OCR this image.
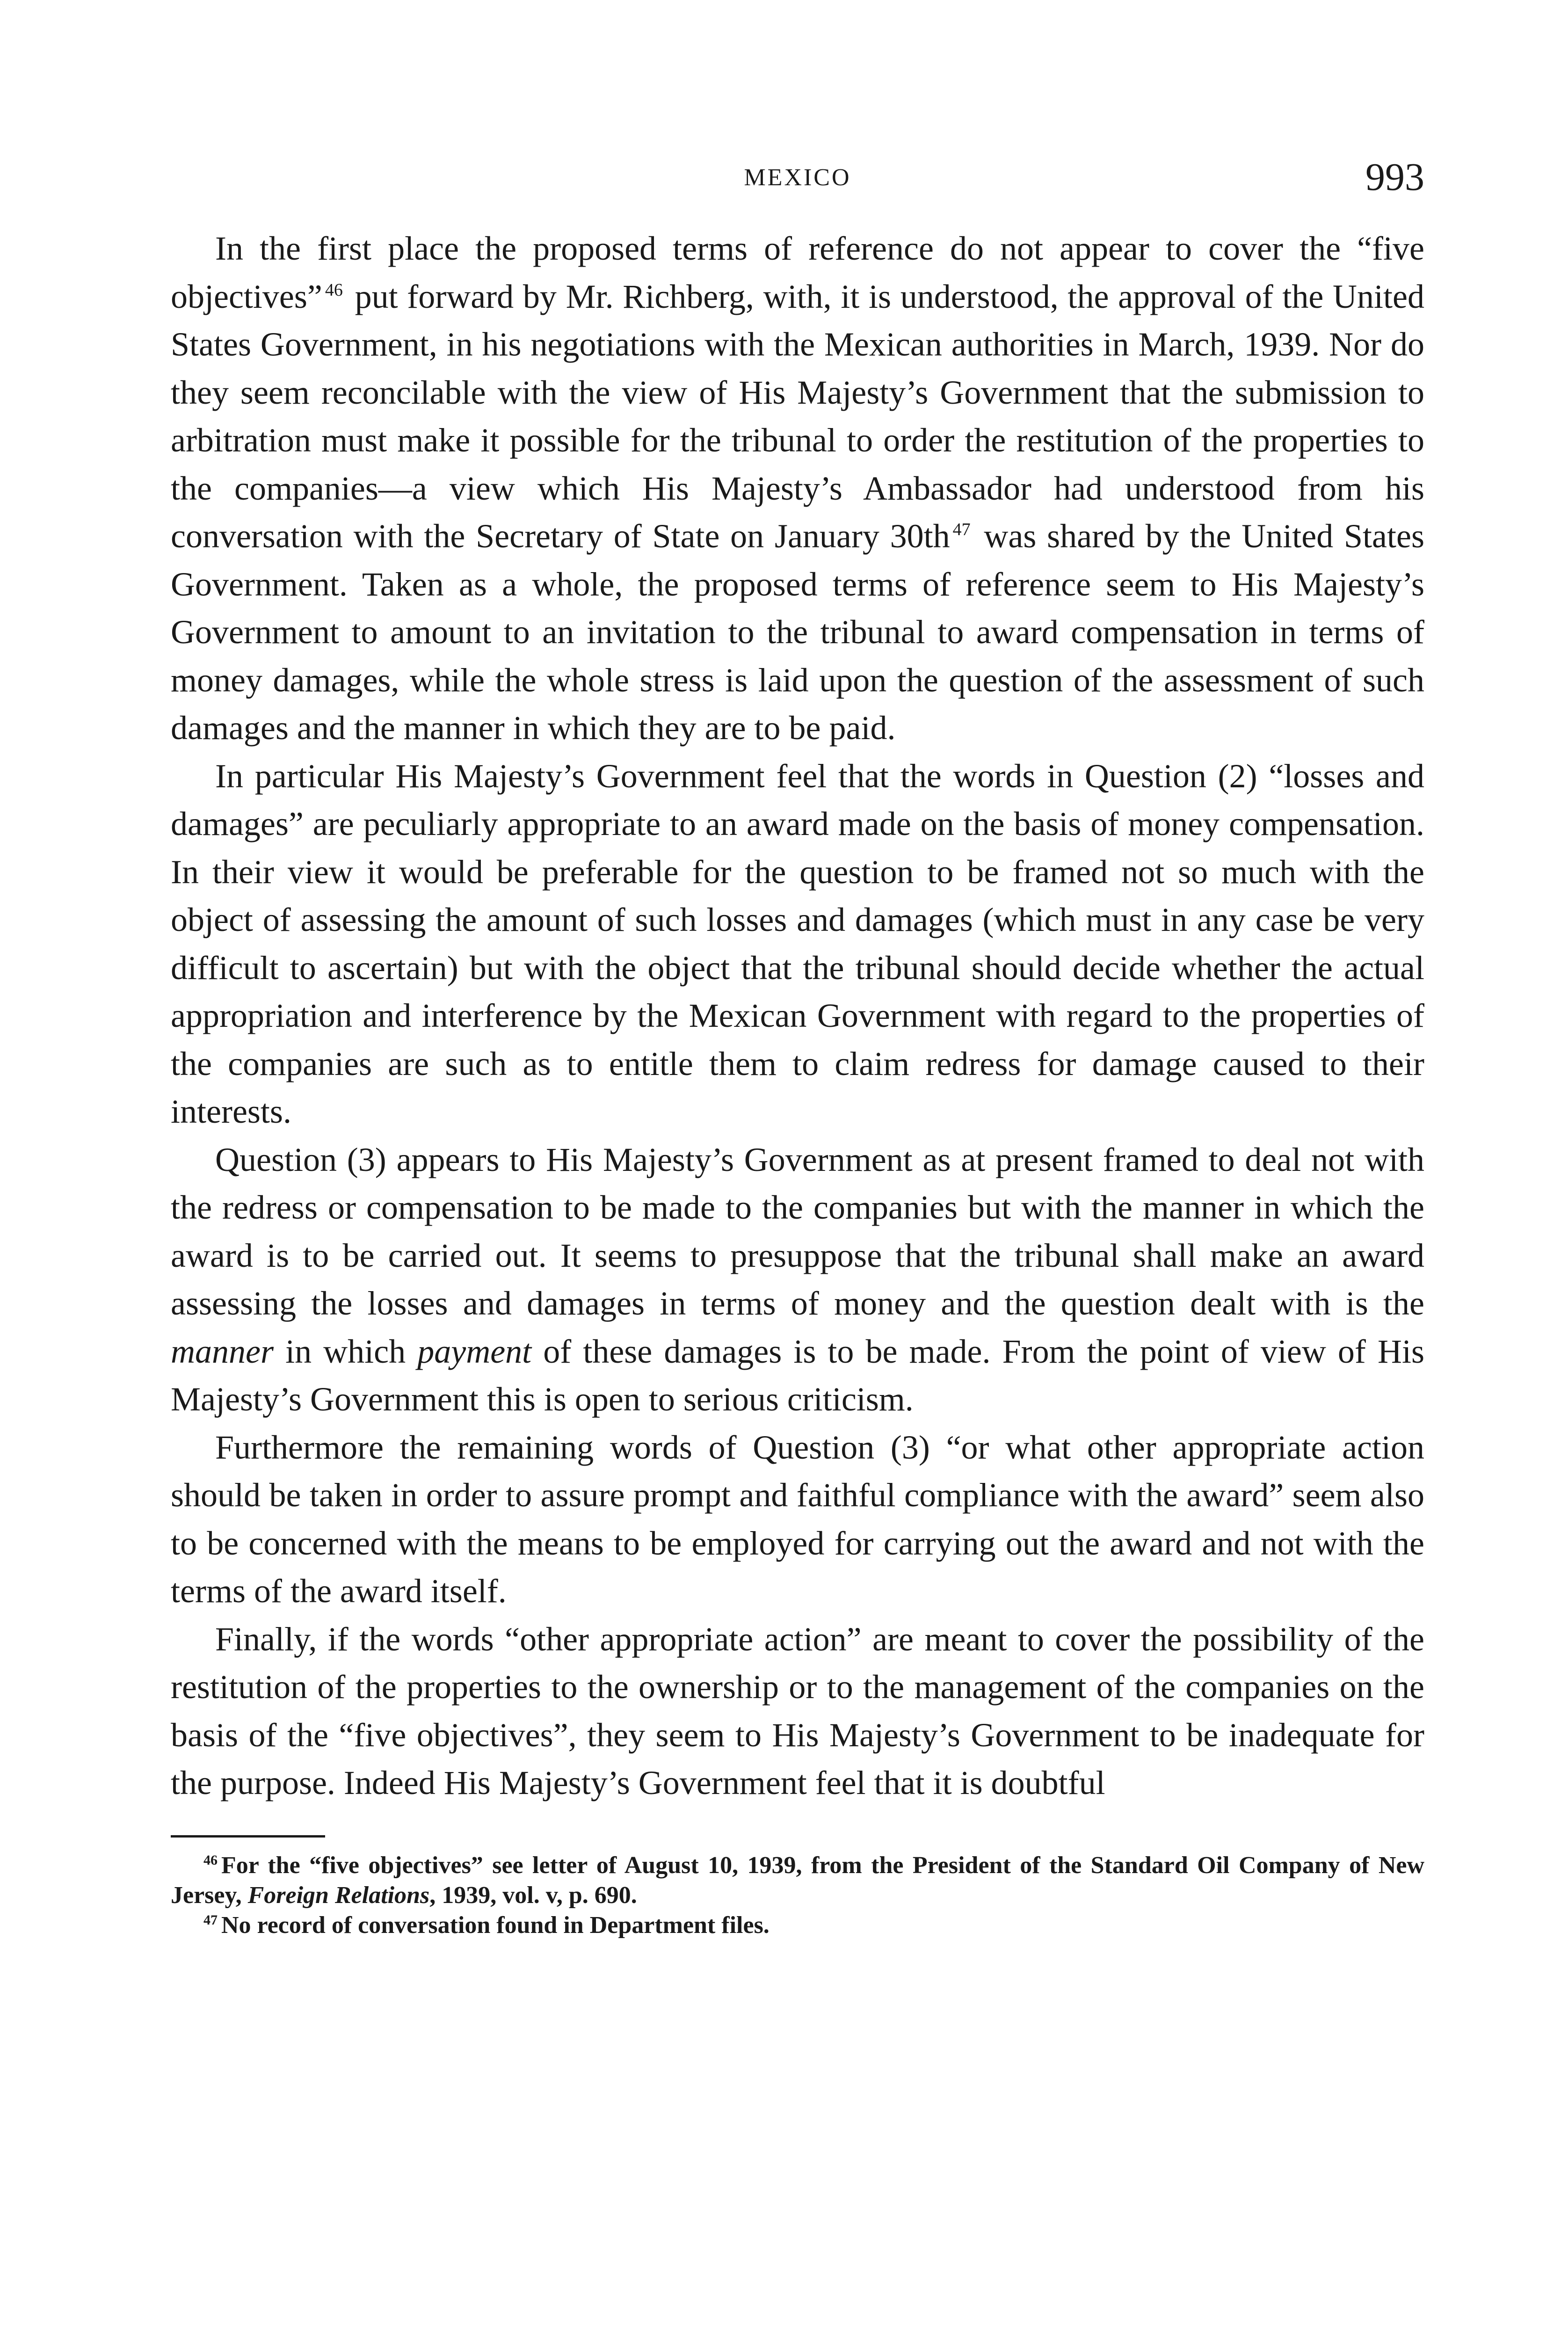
MEXICO	993

In the first place the proposed terms of reference do not appear to cover the “five objectives” $^{46}$ put forward by Mr. Richberg, with, it is understood, the approval of the United States Government, in his negotiations with the Mexican authorities in March, 1939. Nor do they seem reconcilable with the view of His Majesty’s Government that the submission to arbitration must make it possible for the tribunal to order the restitution of the properties to the companies—a view which His Majesty’s Ambassador had understood from his conversation with the Secretary of State on January 30th $^{47}$ was shared by the United States Government. Taken as a whole, the proposed terms of reference seem to His Majesty’s Government to amount to an invitation to the tribunal to award compensation in terms of money damages, while the whole stress is laid upon the question of the assessment of such damages and the manner in which they are to be paid.

In particular His Majesty’s Government feel that the words in Question (2) “losses and damages” are peculiarly appropriate to an award made on the basis of money compensation. In their view it would be preferable for the question to be framed not so much with the object of assessing the amount of such losses and damages (which must in any case be very difficult to ascertain) but with the object that the tribunal should decide whether the actual appropriation and interference by the Mexican Government with regard to the properties of the companies are such as to entitle them to claim redress for damage caused to their interests.

Question (3) appears to His Majesty’s Government as at present framed to deal not with the redress or compensation to be made to the companies but with the manner in which the award is to be carried out. It seems to presuppose that the tribunal shall make an award assessing the losses and damages in terms of money and the question dealt with is the manner in which payment of these damages is to be made. From the point of view of His Majesty’s Government this is open to serious criticism.

Furthermore the remaining words of Question (3) “or what other appropriate action should be taken in order to assure prompt and faithful compliance with the award” seem also to be concerned with the means to be employed for carrying out the award and not with the terms of the award itself.

Finally, if the words “other appropriate action” are meant to cover the possibility of the restitution of the properties to the ownership or to the management of the companies on the basis of the “five objectives”, they seem to His Majesty’s Government to be inadequate for the purpose. Indeed His Majesty’s Government feel that it is doubtful

$^{46}$ For the “five objectives” see letter of August 10, 1939, from the President of the Standard Oil Company of New Jersey, Foreign Relations, 1939, vol. v, p. 690.

$^{47}$ No record of conversation found in Department files.
